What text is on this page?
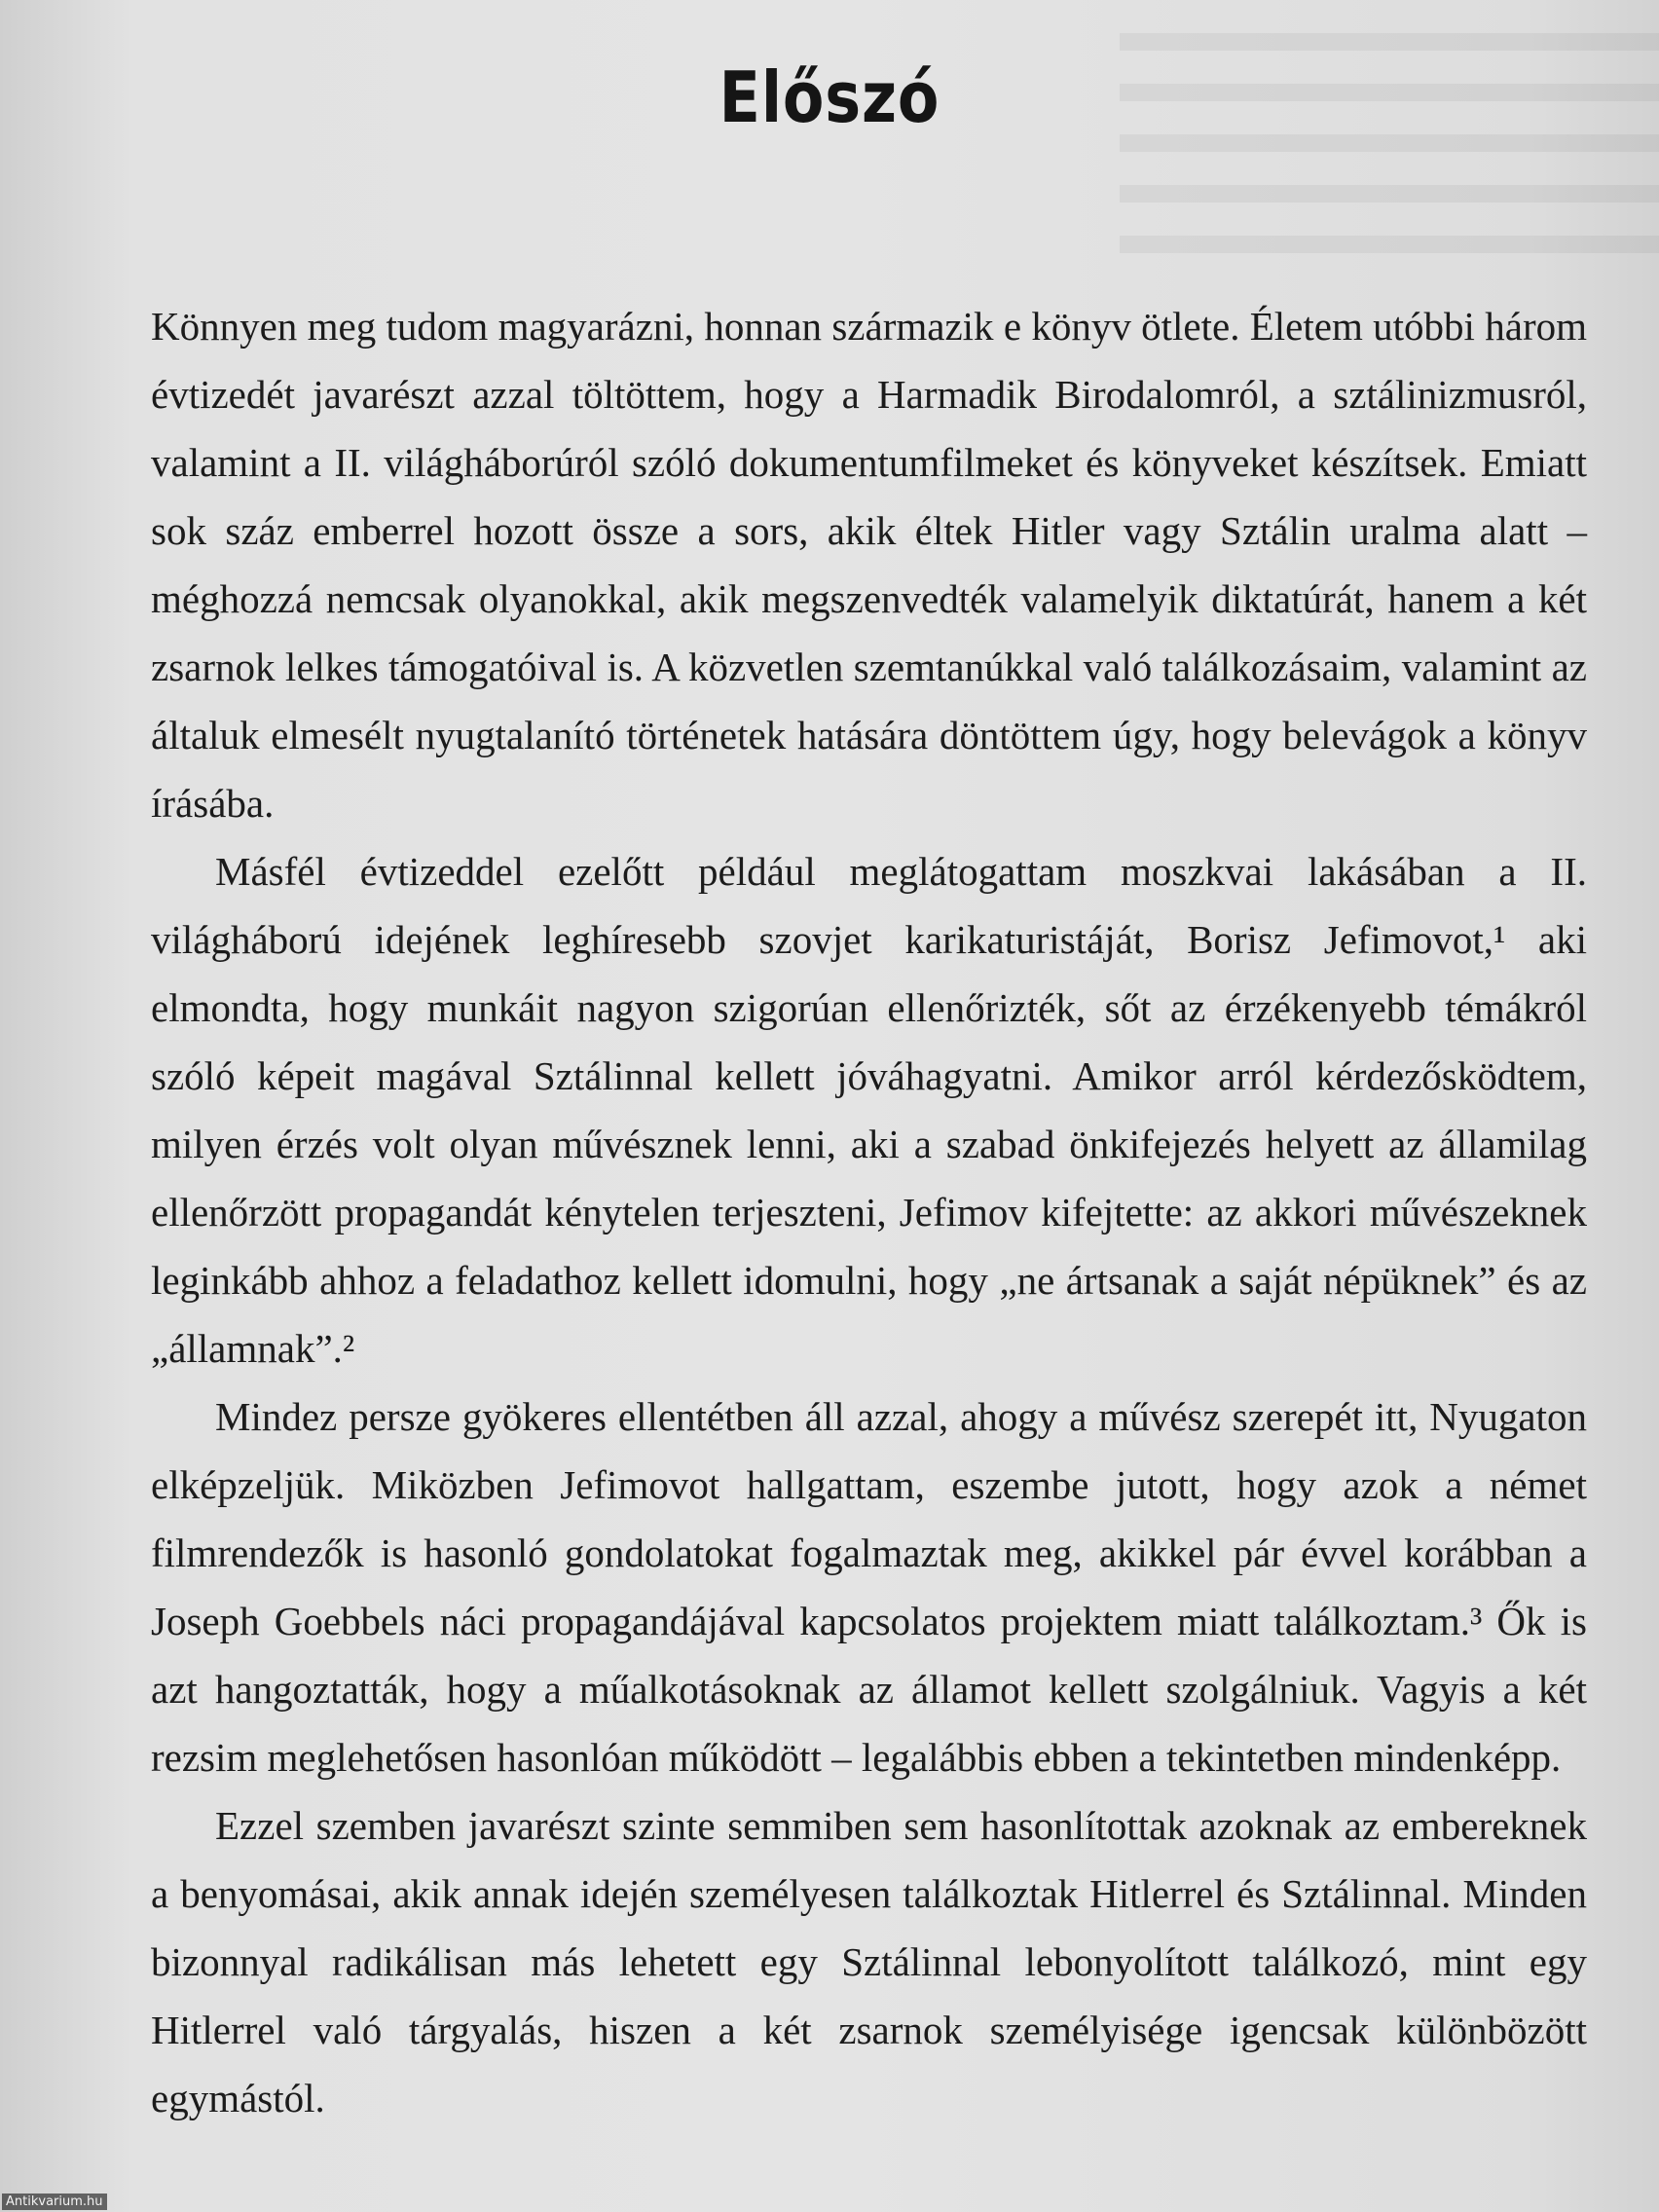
Előszó

Könnyen meg tudom magyarázni, honnan származik e könyv ötlete. Életem utóbbi három évtizedét javarészt azzal töltöttem, hogy a Harmadik Birodalomról, a sztálinizmusról, valamint a II. világháborúról szóló dokumentumfilmeket és könyveket készítsek. Emiatt sok száz emberrel hozott össze a sors, akik éltek Hitler vagy Sztálin uralma alatt – méghozzá nemcsak olyanokkal, akik megszenvedték valamelyik diktatúrát, hanem a két zsarnok lelkes támogatóival is. A közvetlen szemtanúkkal való találkozásaim, valamint az általuk elmesélt nyugtalanító történetek hatására döntöttem úgy, hogy belevágok a könyv írásába.

Másfél évtizeddel ezelőtt például meglátogattam moszkvai lakásában a II. világháború idejének leghíresebb szovjet karikaturistáját, Borisz Jefimovot,¹ aki elmondta, hogy munkáit nagyon szigorúan ellenőrizték, sőt az érzékenyebb témákról szóló képeit magával Sztálinnal kellett jóváhagyatni. Amikor arról kérdezősködtem, milyen érzés volt olyan művésznek lenni, aki a szabad önkifejezés helyett az államilag ellenőrzött propagandát kénytelen terjeszteni, Jefimov kifejtette: az akkori művészeknek leginkább ahhoz a feladathoz kellett idomulni, hogy „ne ártsanak a saját népüknek” és az „államnak”.²

Mindez persze gyökeres ellentétben áll azzal, ahogy a művész szerepét itt, Nyugaton elképzeljük. Miközben Jefimovot hallgattam, eszembe jutott, hogy azok a német filmrendezők is hasonló gondolatokat fogalmaztak meg, akikkel pár évvel korábban a Joseph Goebbels náci propagandájával kapcsolatos projektem miatt találkoztam.³ Ők is azt hangoztatták, hogy a műalkotásoknak az államot kellett szolgálniuk. Vagyis a két rezsim meglehetősen hasonlóan működött – legalábbis ebben a tekintetben mindenképp.

Ezzel szemben javarészt szinte semmiben sem hasonlítottak azoknak az embereknek a benyomásai, akik annak idején személyesen találkoztak Hitlerrel és Sztálinnal. Minden bizonnyal radikálisan más lehetett egy Sztálinnal lebonyolított találkozó, mint egy Hitlerrel való tárgyalás, hiszen a két zsarnok személyisége igencsak különbözött egymástól.

Antikvarium.hu
